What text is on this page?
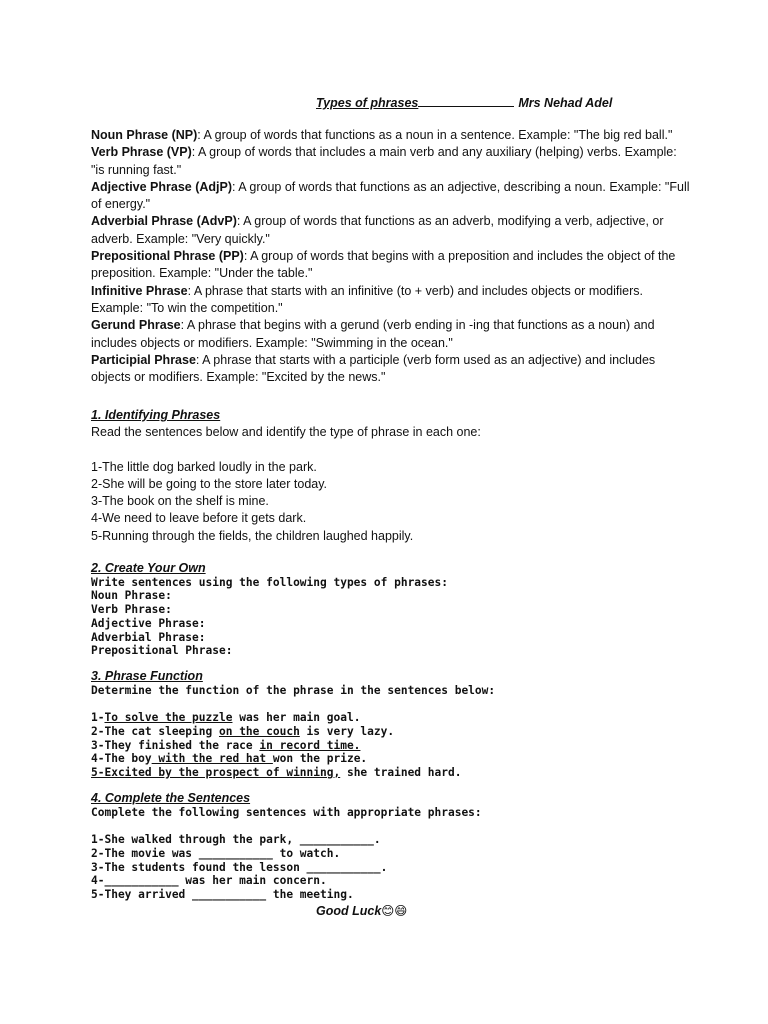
Types of phrases	Mrs Nehad Adel

Noun Phrase (NP): A group of words that functions as a noun in a sentence. Example: "The big red ball."

Verb Phrase (VP): A group of words that includes a main verb and any auxiliary (helping) verbs. Example: "is running fast."

Adjective Phrase (AdjP): A group of words that functions as an adjective, describing a noun. Example: "Full of energy."

Adverbial Phrase (AdvP): A group of words that functions as an adverb, modifying a verb, adjective, or adverb. Example: "Very quickly."

Prepositional Phrase (PP): A group of words that begins with a preposition and includes the object of the preposition. Example: "Under the table."

Infinitive Phrase: A phrase that starts with an infinitive (to + verb) and includes objects or modifiers. Example: "To win the competition."

Gerund Phrase: A phrase that begins with a gerund (verb ending in -ing that functions as a noun) and includes objects or modifiers. Example: "Swimming in the ocean."

Participial Phrase: A phrase that starts with a participle (verb form used as an adjective) and includes objects or modifiers. Example: "Excited by the news."

1. Identifying Phrases

Read the sentences below and identify the type of phrase in each one:

1-The little dog barked loudly in the park.

2-She will be going to the store later today.

3-The book on the shelf is mine.

4-We need to leave before it gets dark.

5-Running through the fields, the children laughed happily.

2. Create Your Own

Write sentences using the following types of phrases:

Noun Phrase:

Verb Phrase:

Adjective Phrase:

Adverbial Phrase:

Prepositional Phrase:

3. Phrase Function

Determine the function of the phrase in the sentences below:

1-To solve the puzzle was her main goal.

2-The cat sleeping on the couch is very lazy.

3-They finished the race in record time.

4-The boy with the red hat won the prize.

5-Excited by the prospect of winning, she trained hard.

4. Complete the Sentences

Complete the following sentences with appropriate phrases:

1-She walked through the park, ___________.

2-The movie was ___________ to watch.

3-The students found the lesson ___________.

4-___________ was her main concern.

5-They arrived ___________ the meeting.

Good Luck😊😄
